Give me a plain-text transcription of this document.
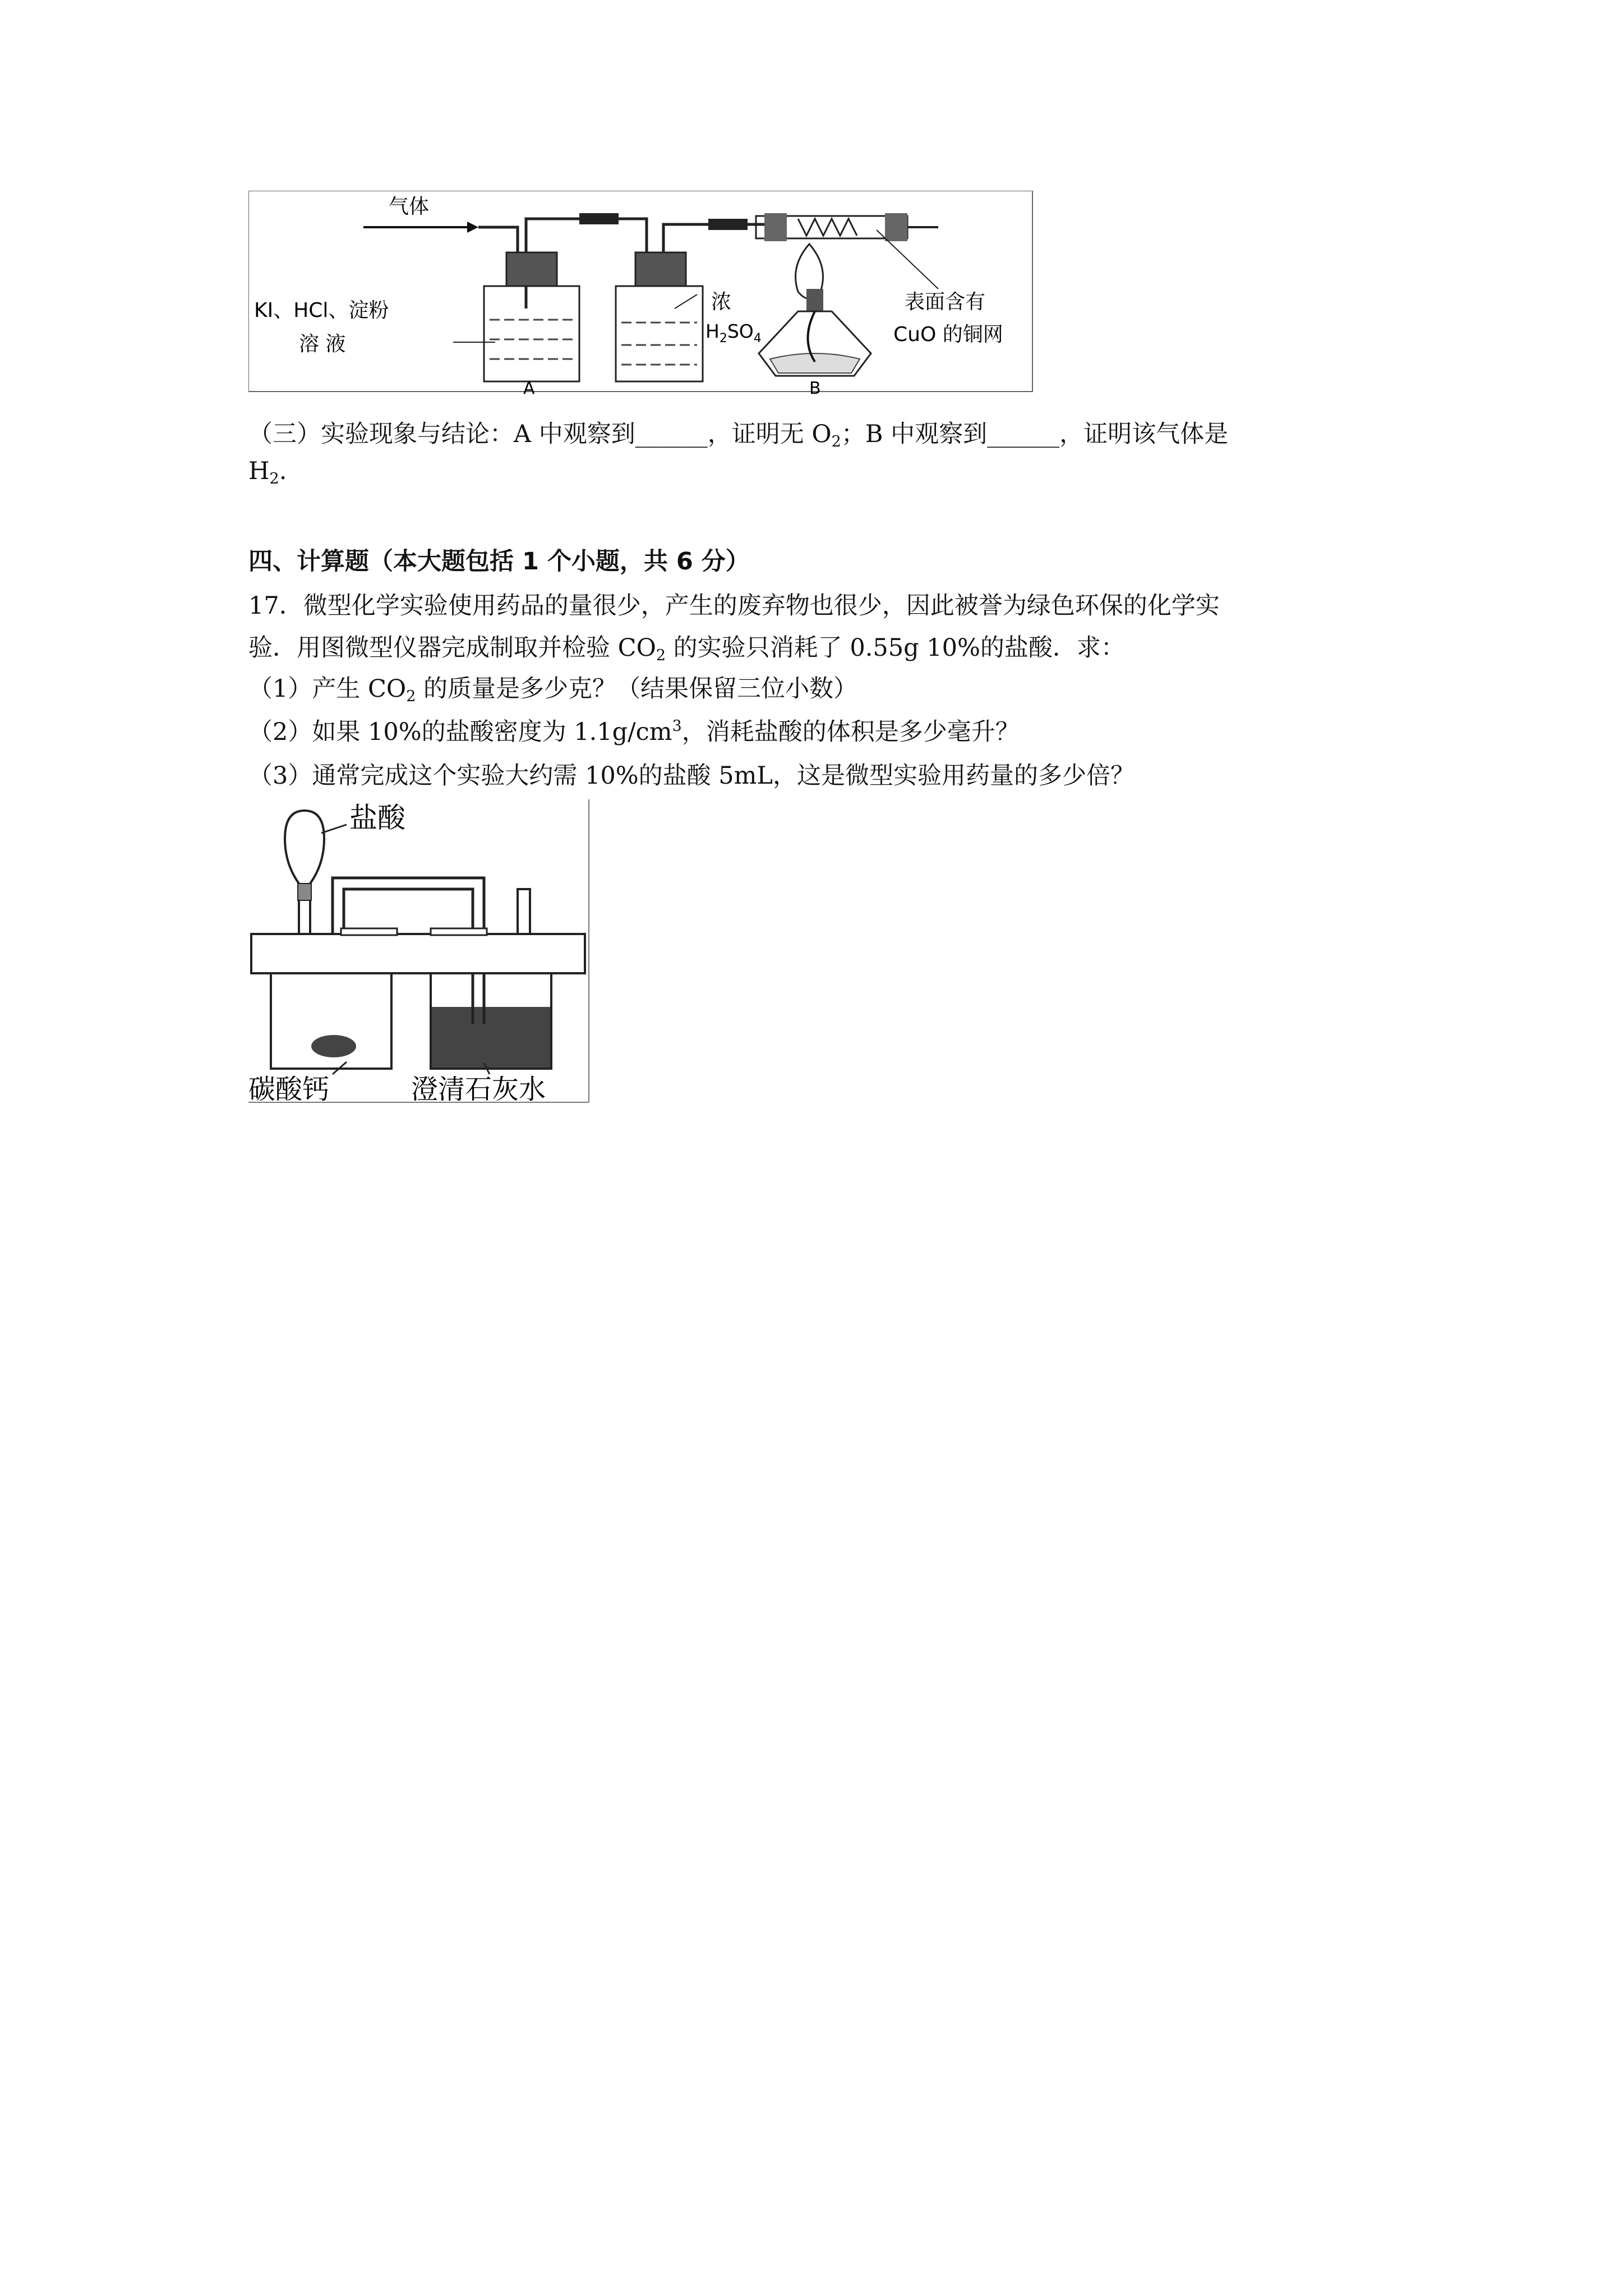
气体
A	B
KI、HCl、淀粉
溶 液
浓
$H_2SO_4$
表面含有
CuO 的铜网
（三）实验现象与结论：A 中观察到______，证明无 $O_2$；B 中观察到______，证明该气体是
$H_2$.
四、计算题（本大题包括 1 个小题，共 6 分）
17．微型化学实验使用药品的量很少，产生的废弃物也很少，因此被誉为绿色环保的化学实
验．用图微型仪器完成制取并检验 $CO_2$ 的实验只消耗了 0.55g 10%的盐酸．求：
（1）产生 $CO_2$ 的质量是多少克？（结果保留三位小数）
（2）如果 10%的盐酸密度为 $1.1g/cm^3$，消耗盐酸的体积是多少毫升？
（3）通常完成这个实验大约需 10%的盐酸 5mL，这是微型实验用药量的多少倍？
盐酸
碳酸钙	澄清石灰水
